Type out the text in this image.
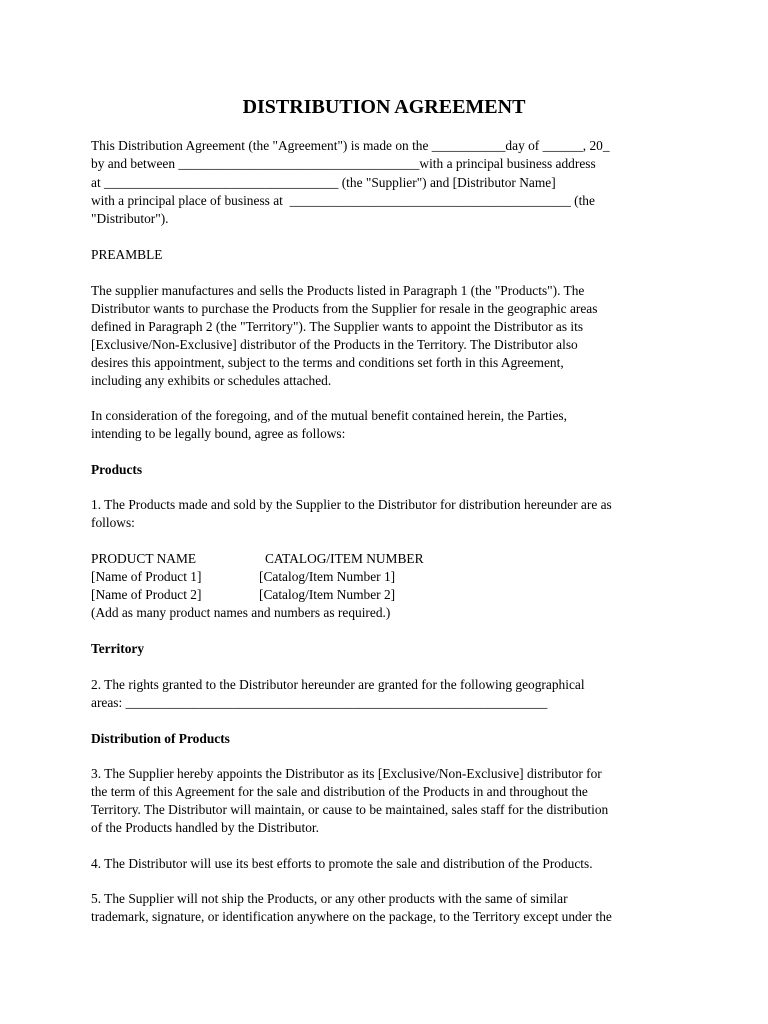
DISTRIBUTION AGREEMENT
This Distribution Agreement (the "Agreement") is made on the ___________day of ______, 20_
by and between ____________________________________with a principal business address
at ___________________________________ (the "Supplier") and [Distributor Name]
with a principal place of business at  __________________________________________ (the
"Distributor").
PREAMBLE
The supplier manufactures and sells the Products listed in Paragraph 1 (the "Products"). The
Distributor wants to purchase the Products from the Supplier for resale in the geographic areas
defined in Paragraph 2 (the "Territory"). The Supplier wants to appoint the Distributor as its
[Exclusive/Non-Exclusive] distributor of the Products in the Territory. The Distributor also
desires this appointment, subject to the terms and conditions set forth in this Agreement,
including any exhibits or schedules attached.
In consideration of the foregoing, and of the mutual benefit contained herein, the Parties,
intending to be legally bound, agree as follows:
Products
1. The Products made and sold by the Supplier to the Distributor for distribution hereunder are as
follows:
PRODUCT NAME	CATALOG/ITEM NUMBER
[Name of Product 1]	[Catalog/Item Number 1]
[Name of Product 2]	[Catalog/Item Number 2]
(Add as many product names and numbers as required.)
Territory
2. The rights granted to the Distributor hereunder are granted for the following geographical
areas: _______________________________________________________________
Distribution of Products
3. The Supplier hereby appoints the Distributor as its [Exclusive/Non-Exclusive] distributor for
the term of this Agreement for the sale and distribution of the Products in and throughout the
Territory. The Distributor will maintain, or cause to be maintained, sales staff for the distribution
of the Products handled by the Distributor.
4. The Distributor will use its best efforts to promote the sale and distribution of the Products.
5. The Supplier will not ship the Products, or any other products with the same of similar
trademark, signature, or identification anywhere on the package, to the Territory except under the
